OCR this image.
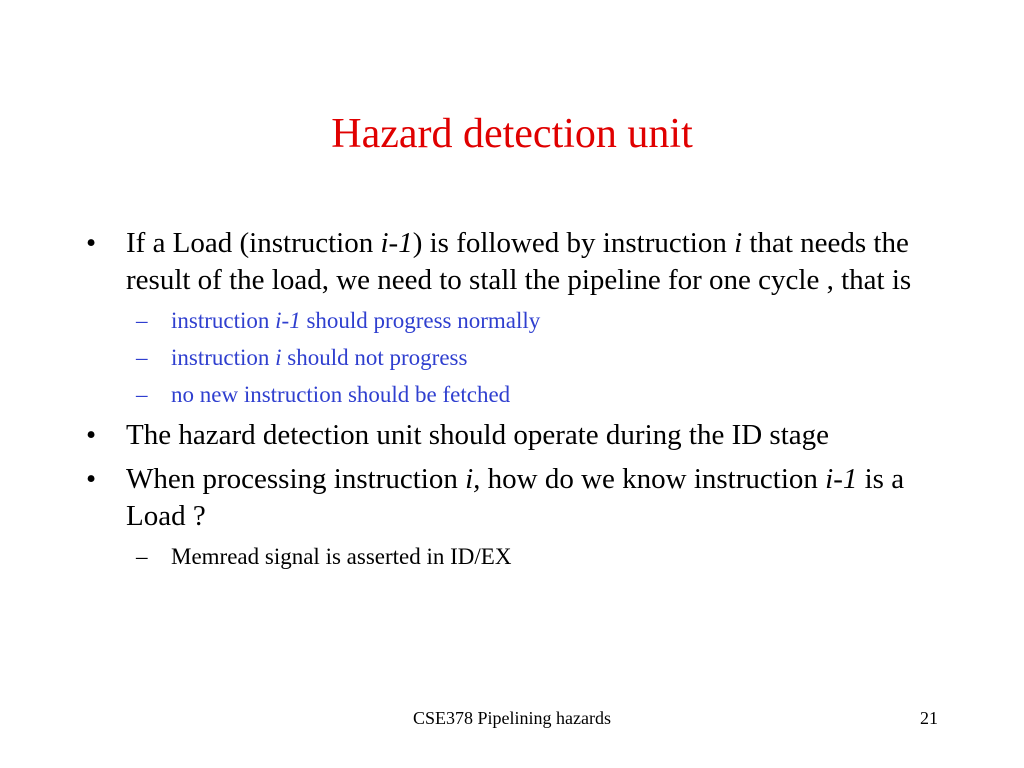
Hazard detection unit
• If a Load (instruction i-1) is followed by instruction i that needs the result of the load, we need to stall the pipeline for one cycle , that is
– instruction i-1 should progress normally
– instruction i should not progress
– no new instruction should be fetched
• The hazard detection unit should operate during the ID stage
• When processing instruction i, how do we know instruction i-1 is a Load ?
– Memread signal is asserted in ID/EX
CSE378 Pipelining hazards	21
